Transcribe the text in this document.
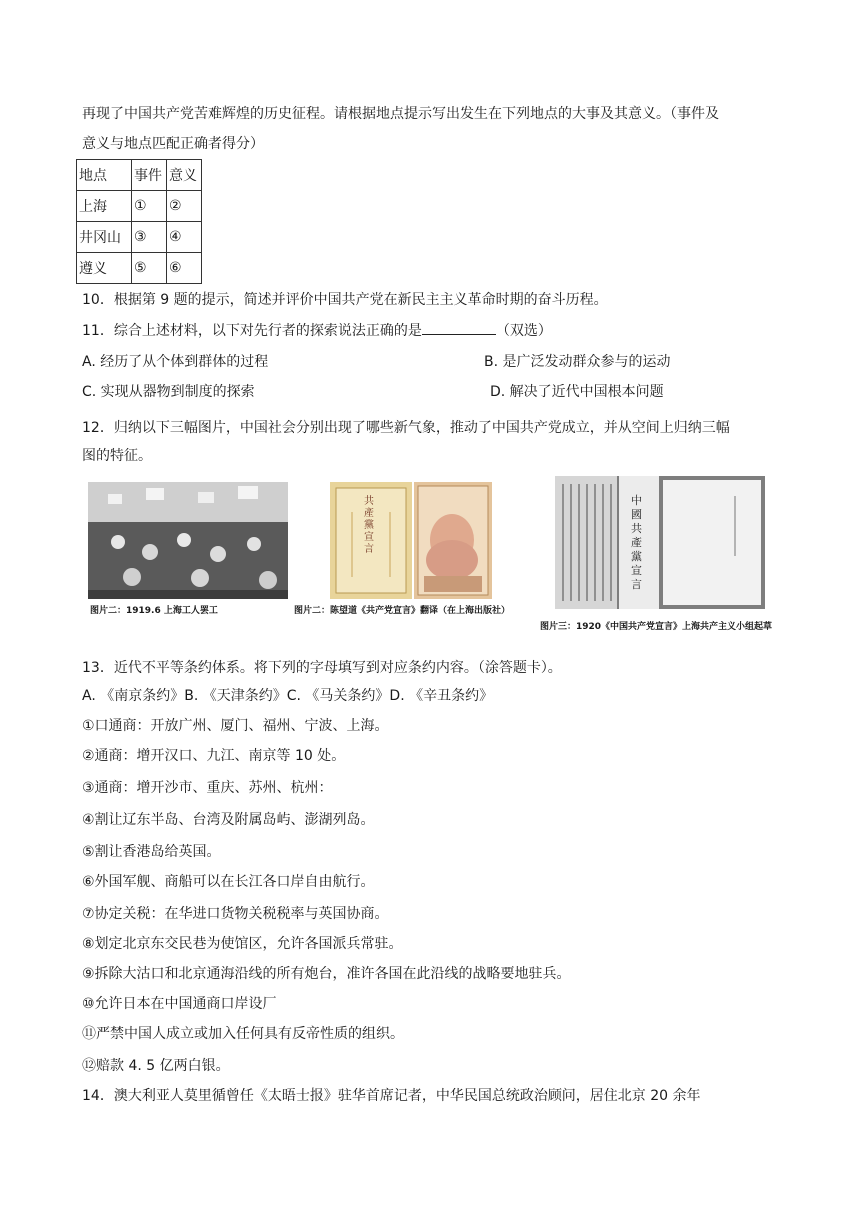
再现了中国共产党苦难辉煌的历史征程。请根据地点提示写出发生在下列地点的大事及其意义。（事件及
意义与地点匹配正确者得分）
地点	事件	意义
上海	①	②
井冈山	③	④
遵义	⑤	⑥
10．根据第 9 题的提示，简述并评价中国共产党在新民主主义革命时期的奋斗历程。
11．综合上述材料，以下对先行者的探索说法正确的是	（双选）
A. 经历了从个体到群体的过程	B. 是广泛发动群众参与的运动
C. 实现从器物到制度的探索	D. 解决了近代中国根本问题
12．归纳以下三幅图片，中国社会分别出现了哪些新气象，推动了中国共产党成立，并从空间上归纳三幅
图的特征。
图片二：1919.6 上海工人罢工
共產黨宣言
图片二：陈望道《共产党宣言》翻译（在上海出版社）
中國共產黨宣言
图片三：1920《中国共产党宣言》上海共产主义小组起草
13．近代不平等条约体系。将下列的字母填写到对应条约内容。（涂答题卡）。
A. 《南京条约》B. 《天津条约》C. 《马关条约》D. 《辛丑条约》
①口通商：开放广州、厦门、福州、宁波、上海。
②通商：增开汉口、九江、南京等 10 处。
③通商：增开沙市、重庆、苏州、杭州：
④割让辽东半岛、台湾及附属岛屿、澎湖列岛。
⑤割让香港岛给英国。
⑥外国军舰、商船可以在长江各口岸自由航行。
⑦协定关税：在华进口货物关税税率与英国协商。
⑧划定北京东交民巷为使馆区，允许各国派兵常驻。
⑨拆除大沽口和北京通海沿线的所有炮台，准许各国在此沿线的战略要地驻兵。
⑩允许日本在中国通商口岸设厂
⑪严禁中国人成立或加入任何具有反帝性质的组织。
⑫赔款 4. 5 亿两白银。
14．澳大利亚人莫里循曾任《太晤士报》驻华首席记者，中华民国总统政治顾问，居住北京 20 余年
